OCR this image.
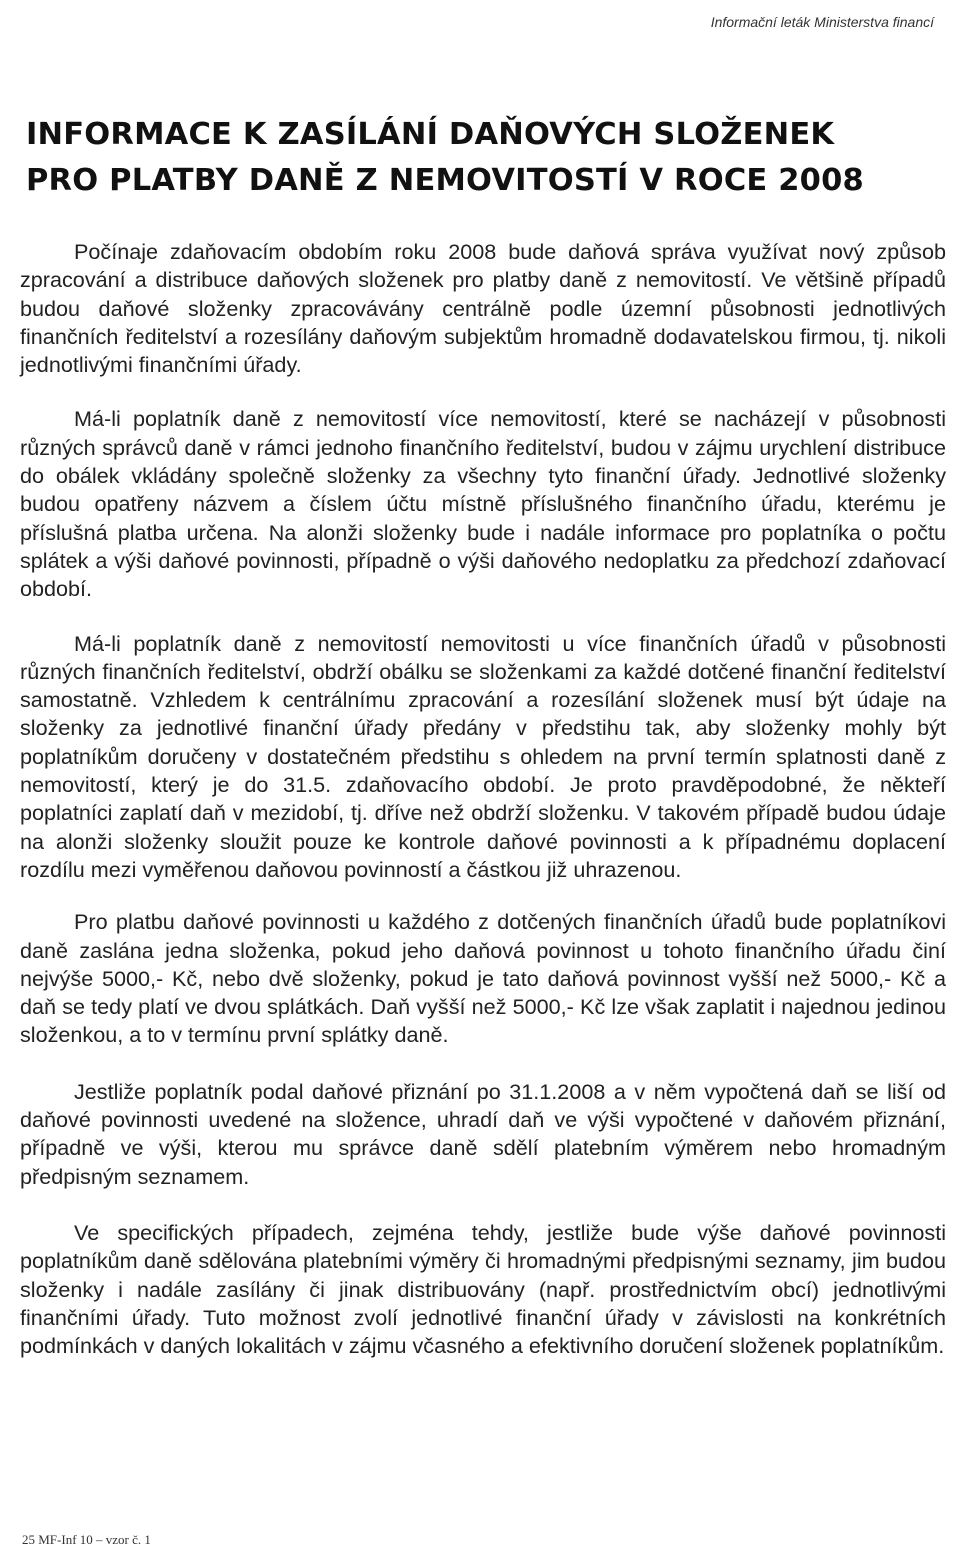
Informační leták Ministerstva financí
INFORMACE K ZASÍLÁNÍ DAŇOVÝCH SLOŽENEK
PRO PLATBY DANĚ Z NEMOVITOSTÍ V ROCE 2008

Počínaje zdaňovacím obdobím roku 2008 bude daňová správa využívat nový způsob zpracování a distribuce daňových složenek pro platby daně z nemovitostí. Ve většině případů budou daňové složenky zpracovávány centrálně podle územní působnosti jednotlivých finančních ředitelství a rozesílány daňovým subjektům hromadně dodavatelskou firmou, tj. nikoli jednotlivými finančními úřady.

Má-li poplatník daně z nemovitostí více nemovitostí, které se nacházejí v působnosti různých správců daně v rámci jednoho finančního ředitelství, budou v zájmu urychlení distribuce do obálek vkládány společně složenky za všechny tyto finanční úřady. Jednotlivé složenky budou opatřeny názvem a číslem účtu místně příslušného finančního úřadu, kterému je příslušná platba určena. Na alonži složenky bude i nadále informace pro poplatníka o počtu splátek a výši daňové povinnosti, případně o výši daňového nedoplatku za předchozí zdaňovací období.

Má-li poplatník daně z nemovitostí nemovitosti u více finančních úřadů v působnosti různých finančních ředitelství, obdrží obálku se složenkami za každé dotčené finanční ředitelství samostatně. Vzhledem k centrálnímu zpracování a rozesílání složenek musí být údaje na složenky za jednotlivé finanční úřady předány v předstihu tak, aby složenky mohly být poplatníkům doručeny v dostatečném předstihu s ohledem na první termín splatnosti daně z nemovitostí, který je do 31.5. zdaňovacího období. Je proto pravděpodobné, že někteří poplatníci zaplatí daň v mezidobí, tj. dříve než obdrží složenku. V takovém případě budou údaje na alonži složenky sloužit pouze ke kontrole daňové povinnosti a k případnému doplacení rozdílu mezi vyměřenou daňovou povinností a částkou již uhrazenou.

Pro platbu daňové povinnosti u každého z dotčených finančních úřadů bude poplatníkovi daně zaslána jedna složenka, pokud jeho daňová povinnost u tohoto finančního úřadu činí nejvýše 5000,- Kč, nebo dvě složenky, pokud je tato daňová povinnost vyšší než 5000,- Kč a daň se tedy platí ve dvou splátkách. Daň vyšší než 5000,- Kč lze však zaplatit i najednou jedinou složenkou, a to v termínu první splátky daně.

Jestliže poplatník podal daňové přiznání po 31.1.2008 a v něm vypočtená daň se liší od daňové povinnosti uvedené na složence, uhradí daň ve výši vypočtené v daňovém přiznání, případně ve výši, kterou mu správce daně sdělí platebním výměrem nebo hromadným předpisným seznamem.

Ve specifických případech, zejména tehdy, jestliže bude výše daňové povinnosti poplatníkům daně sdělována platebními výměry či hromadnými předpisnými seznamy, jim budou složenky i nadále zasílány či jinak distribuovány (např. prostřednictvím obcí) jednotlivými finančními úřady. Tuto možnost zvolí jednotlivé finanční úřady v závislosti na konkrétních podmínkách v daných lokalitách v zájmu včasného a efektivního doručení složenek poplatníkům.

25 MF-Inf 10 – vzor č. 1
